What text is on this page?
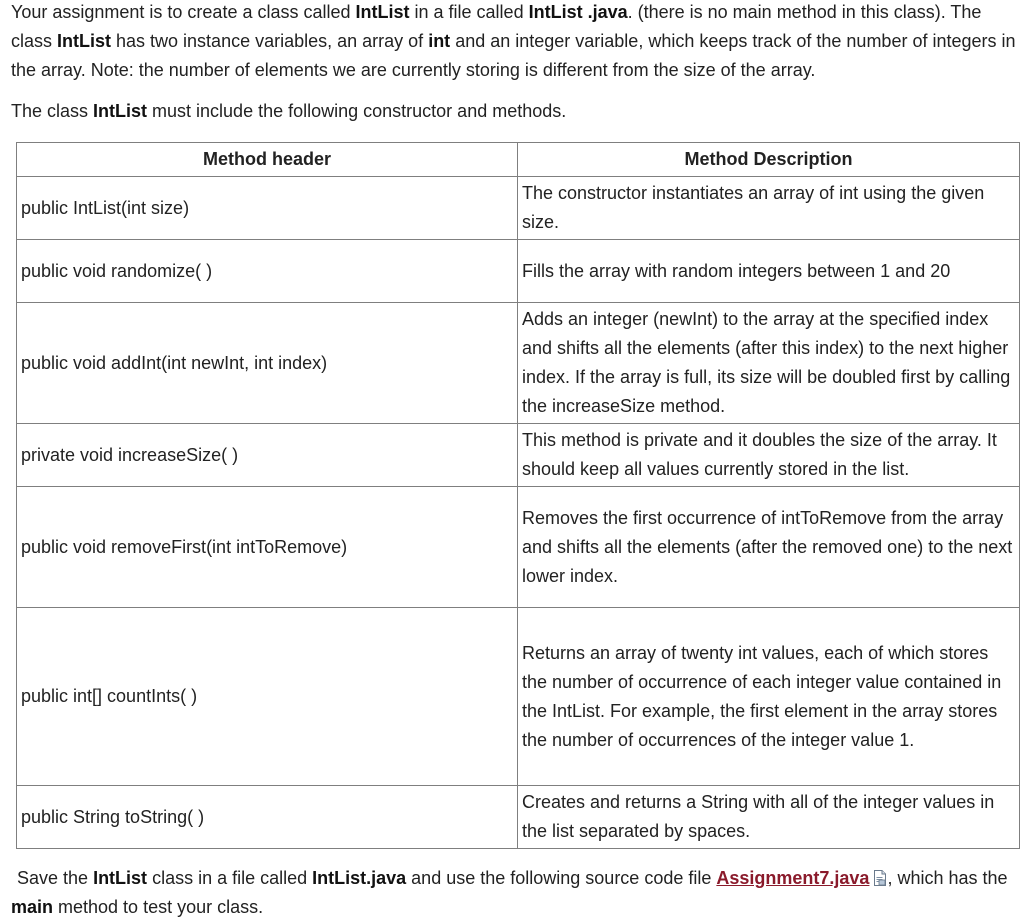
Your assignment is to create a class called IntList in a file called IntList .java. (there is no main method in this class). The class IntList has two instance variables, an array of int and an integer variable, which keeps track of the number of integers in the array. Note: the number of elements we are currently storing is different from the size of the array.

The class IntList must include the following constructor and methods.

Method header	Method Description
public IntList(int size)	The constructor instantiates an array of int using the given size.
public void randomize( )	Fills the array with random integers between 1 and 20
public void addInt(int newInt, int index)	Adds an integer (newInt) to the array at the specified index and shifts all the elements (after this index) to the next higher index. If the array is full, its size will be doubled first by calling the increaseSize method.
private void increaseSize( )	This method is private and it doubles the size of the array. It should keep all values currently stored in the list.
public void removeFirst(int intToRemove)	Removes the first occurrence of intToRemove from the array and shifts all the elements (after the removed one) to the next lower index.
public int[] countInts( )	Returns an array of twenty int values, each of which stores the number of occurrence of each integer value contained in the IntList. For example, the first element in the array stores the number of occurrences of the integer value 1.
public String toString( )	Creates and returns a String with all of the integer values in the list separated by spaces.

Save the IntList class in a file called IntList.java and use the following source code file Assignment7.java , which has the main method to test your class.
